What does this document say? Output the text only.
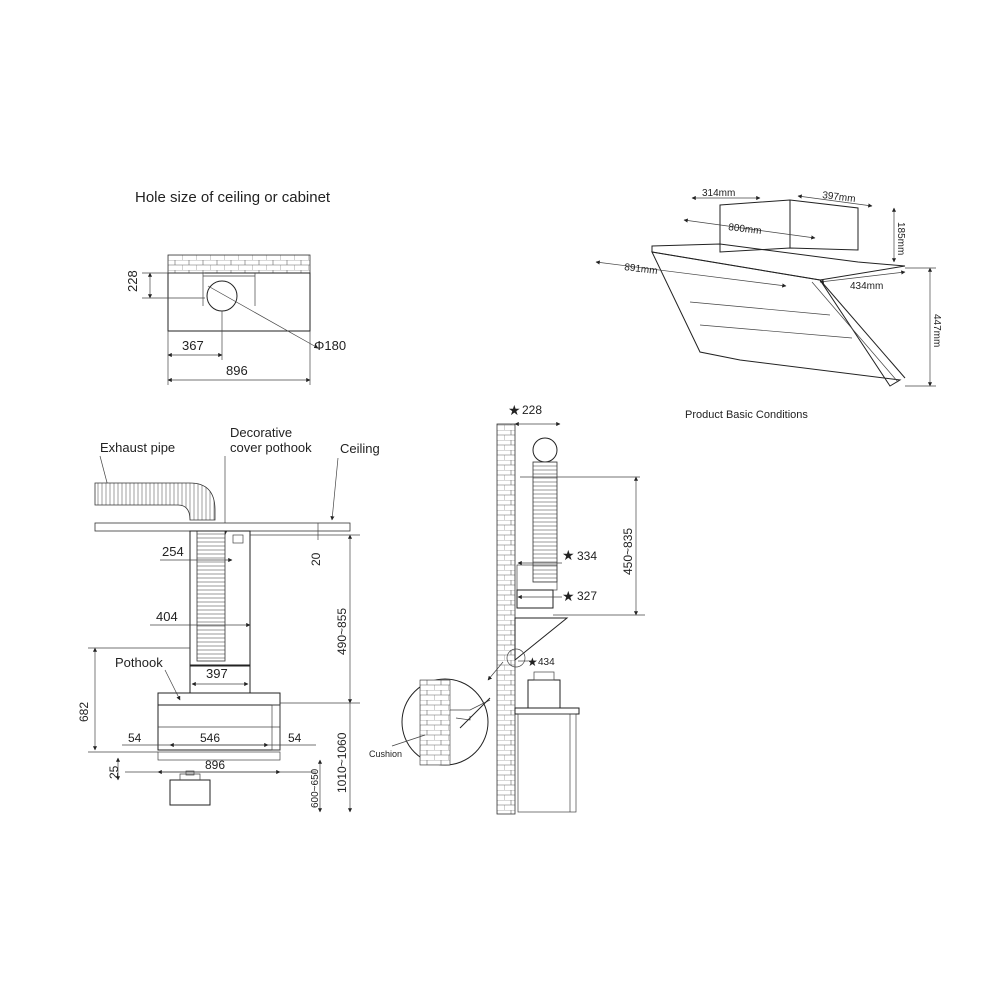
Hole size of ceiling or cabinet
Φ180
228
367
896
800mm
314mm	397mm
185mm
891mm
434mm
447mm
Product Basic Conditions
Exhaust pipe
Decorative
cover pothook Ceiling
254
404
397
Pothook
54	546	54
896
682
25
20
490~855
1010~1060
600~650
★ 228
★ 334
★ 327
450~835
★ 434
Cushion
